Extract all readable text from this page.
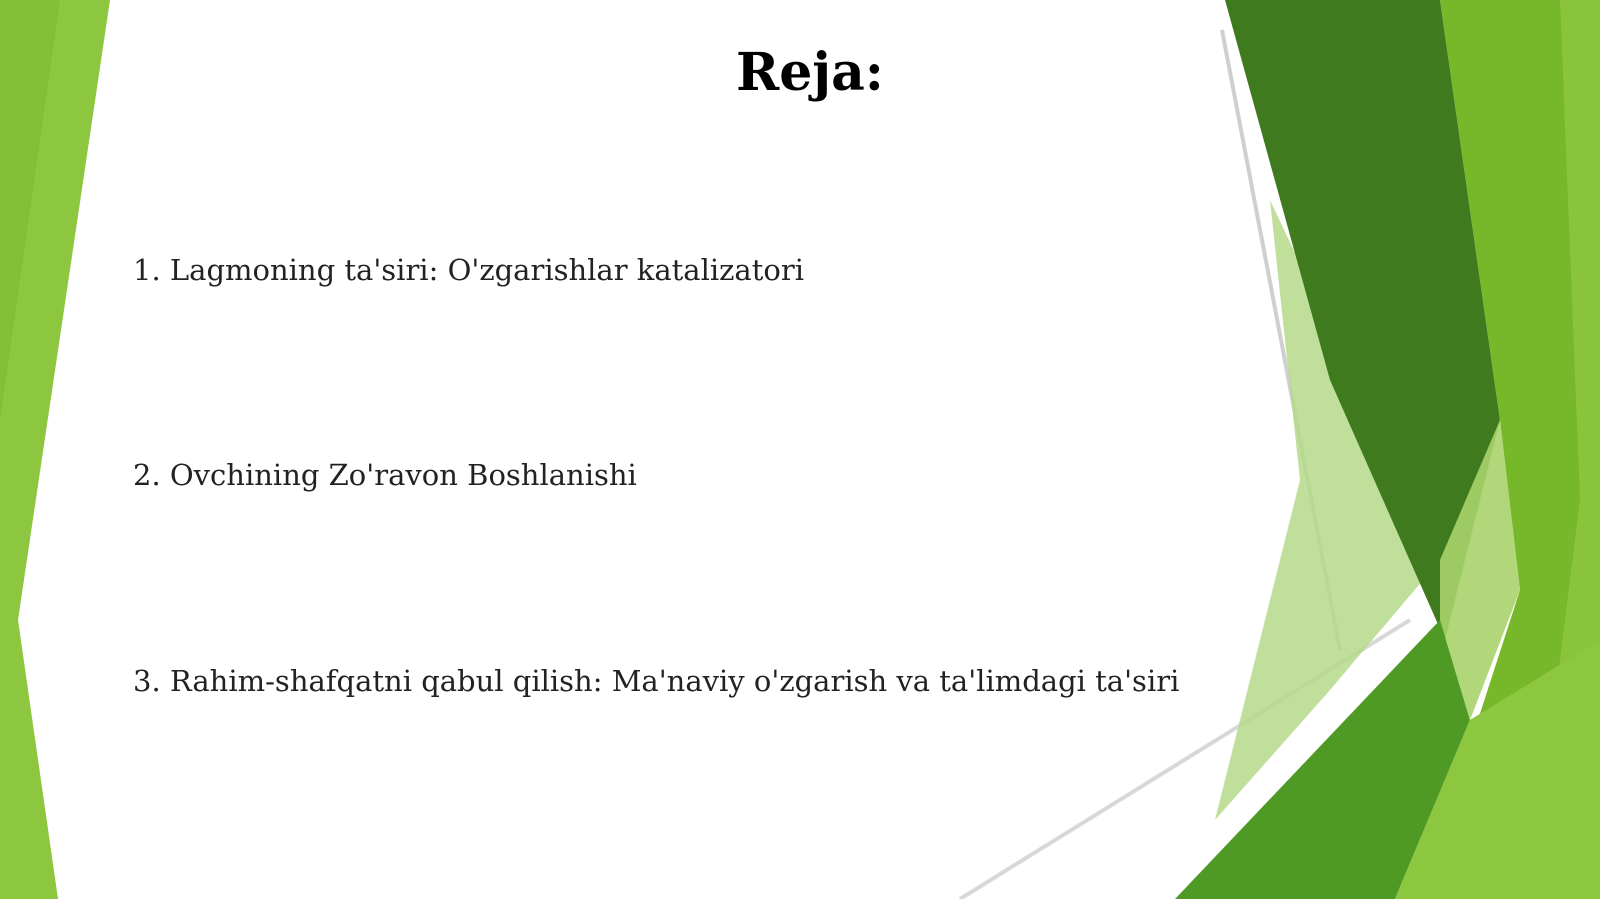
Reja:
1. Lagmoning ta'siri: O'zgarishlar katalizatori
2. Ovchining Zo'ravon Boshlanishi
3. Rahim-shafqatni qabul qilish: Ma'naviy o'zgarish va ta'limdagi ta'siri
